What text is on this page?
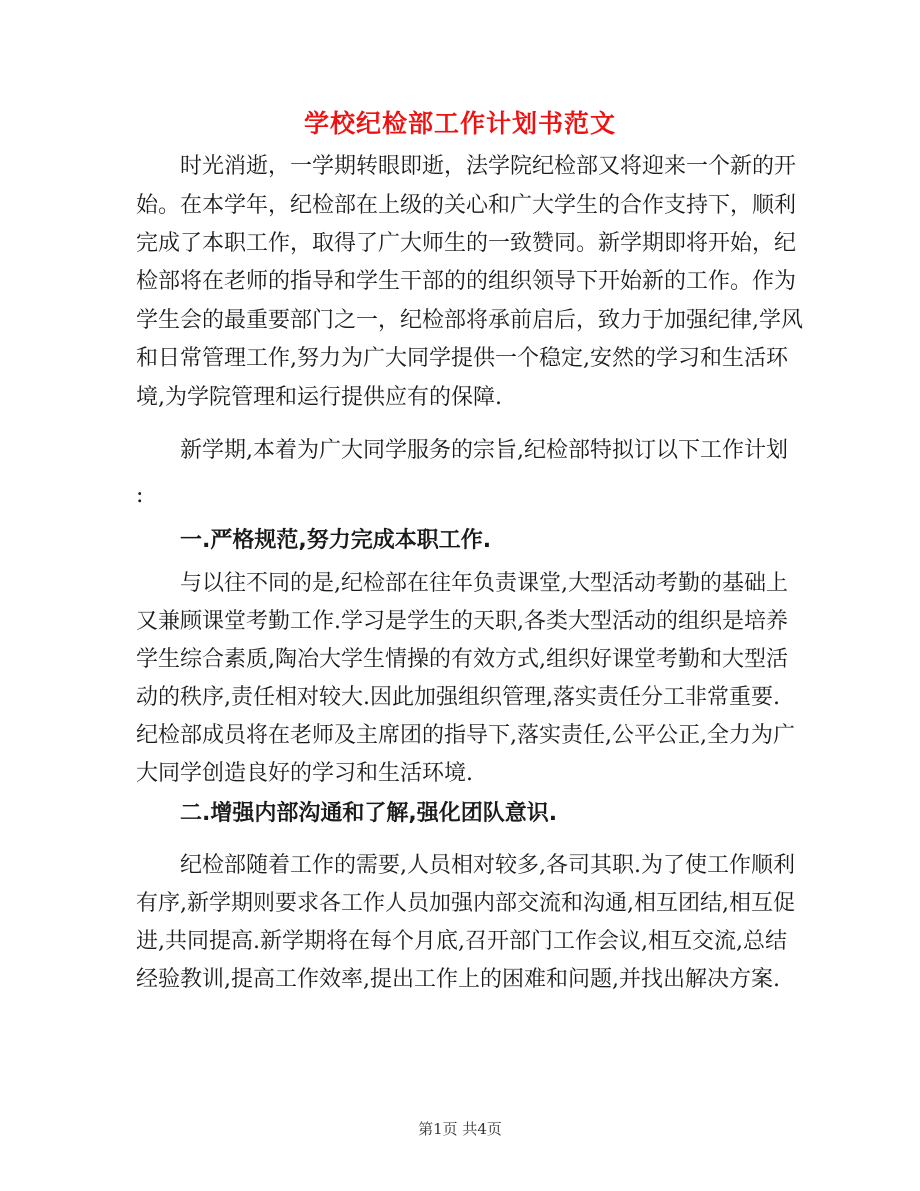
学校纪检部工作计划书范文
时光消逝，一学期转眼即逝，法学院纪检部又将迎来一个新的开
始。在本学年，纪检部在上级的关心和广大学生的合作支持下，顺利
完成了本职工作，取得了广大师生的一致赞同。新学期即将开始，纪
检部将在老师的指导和学生干部的的组织领导下开始新的工作。作为
学生会的最重要部门之一，纪检部将承前启后，致力于加强纪律,学风
和日常管理工作,努力为广大同学提供一个稳定,安然的学习和生活环
境,为学院管理和运行提供应有的保障.
新学期,本着为广大同学服务的宗旨,纪检部特拟订以下工作计划
:
一.严格规范,努力完成本职工作.
与以往不同的是,纪检部在往年负责课堂,大型活动考勤的基础上
又兼顾课堂考勤工作.学习是学生的天职,各类大型活动的组织是培养
学生综合素质,陶冶大学生情操的有效方式,组织好课堂考勤和大型活
动的秩序,责任相对较大.因此加强组织管理,落实责任分工非常重要.
纪检部成员将在老师及主席团的指导下,落实责任,公平公正,全力为广
大同学创造良好的学习和生活环境.
二.增强内部沟通和了解,强化团队意识.
纪检部随着工作的需要,人员相对较多,各司其职.为了使工作顺利
有序,新学期则要求各工作人员加强内部交流和沟通,相互团结,相互促
进,共同提高.新学期将在每个月底,召开部门工作会议,相互交流,总结
经验教训,提高工作效率,提出工作上的困难和问题,并找出解决方案.
第1页 共4页
